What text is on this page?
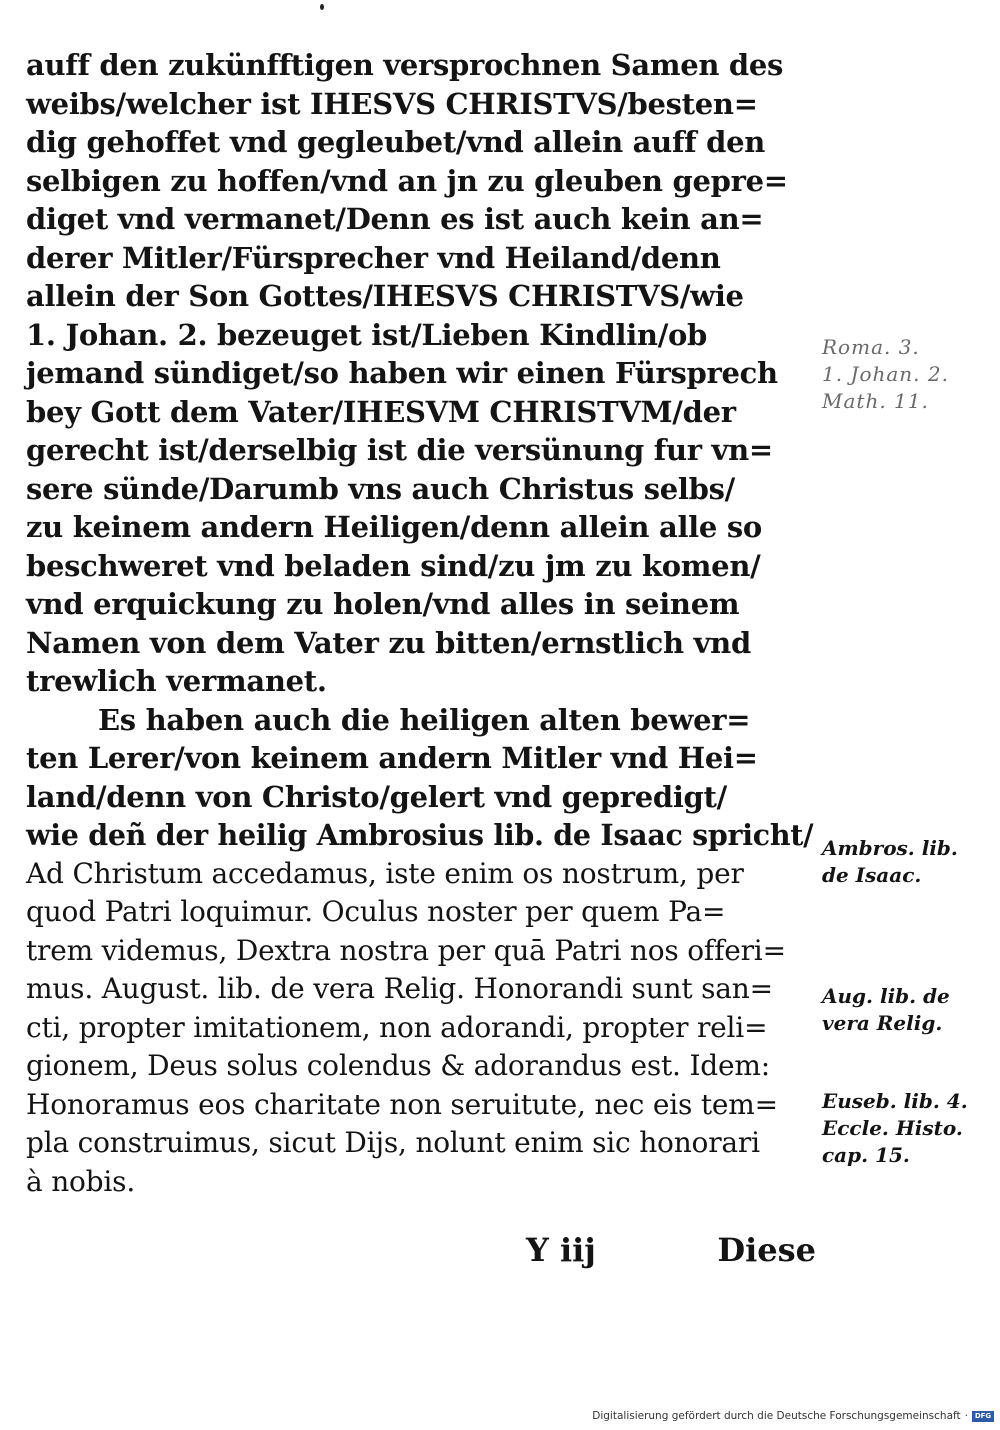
auff den zukünfftigen versprochnen Samen des
weibs/welcher ist IHESVS CHRISTVS/besten=
dig gehoffet vnd gegleubet/vnd allein auff den
selbigen zu hoffen/vnd an jn zu gleuben gepre=
diget vnd vermanet/Denn es ist auch kein an=
derer Mitler/Fürsprecher vnd Heiland/denn
allein der Son Gottes/IHESVS CHRISTVS/wie
1. Johan. 2. bezeuget ist/Lieben Kindlin/ob
jemand sündiget/so haben wir einen Fürsprech
bey Gott dem Vater/IHESVM CHRISTVM/der
gerecht ist/derselbig ist die versünung fur vn=
sere sünde/Darumb vns auch Christus selbs/
zu keinem andern Heiligen/denn allein alle so
beschweret vnd beladen sind/zu jm zu komen/
vnd erquickung zu holen/vnd alles in seinem
Namen von dem Vater zu bitten/ernstlich vnd
trewlich vermanet.
Es haben auch die heiligen alten bewer=
ten Lerer/von keinem andern Mitler vnd Hei=
land/denn von Christo/gelert vnd gepredigt/
wie deñ der heilig Ambrosius lib. de Isaac spricht/
Ad Christum accedamus, iste enim os nostrum, per
quod Patri loquimur. Oculus noster per quem Pa=
trem videmus, Dextra nostra per quā Patri nos offeri=
mus. August. lib. de vera Relig. Honorandi sunt san=
cti, propter imitationem, non adorandi, propter reli=
gionem, Deus solus colendus & adorandus est. Idem:
Honoramus eos charitate non seruitute, nec eis tem=
pla construimus, sicut Dijs, nolunt enim sic honorari
à nobis.
Roma. 3.
1. Johan. 2.
Math. 11.
Ambros. lib.
de Isaac.
Aug. lib. de
vera Relig.
Euseb. lib. 4.
Eccle. Histo.
cap. 15.
Y iij	Diese
Digitalisierung gefördert durch die Deutsche Forschungsgemeinschaft · DFG
